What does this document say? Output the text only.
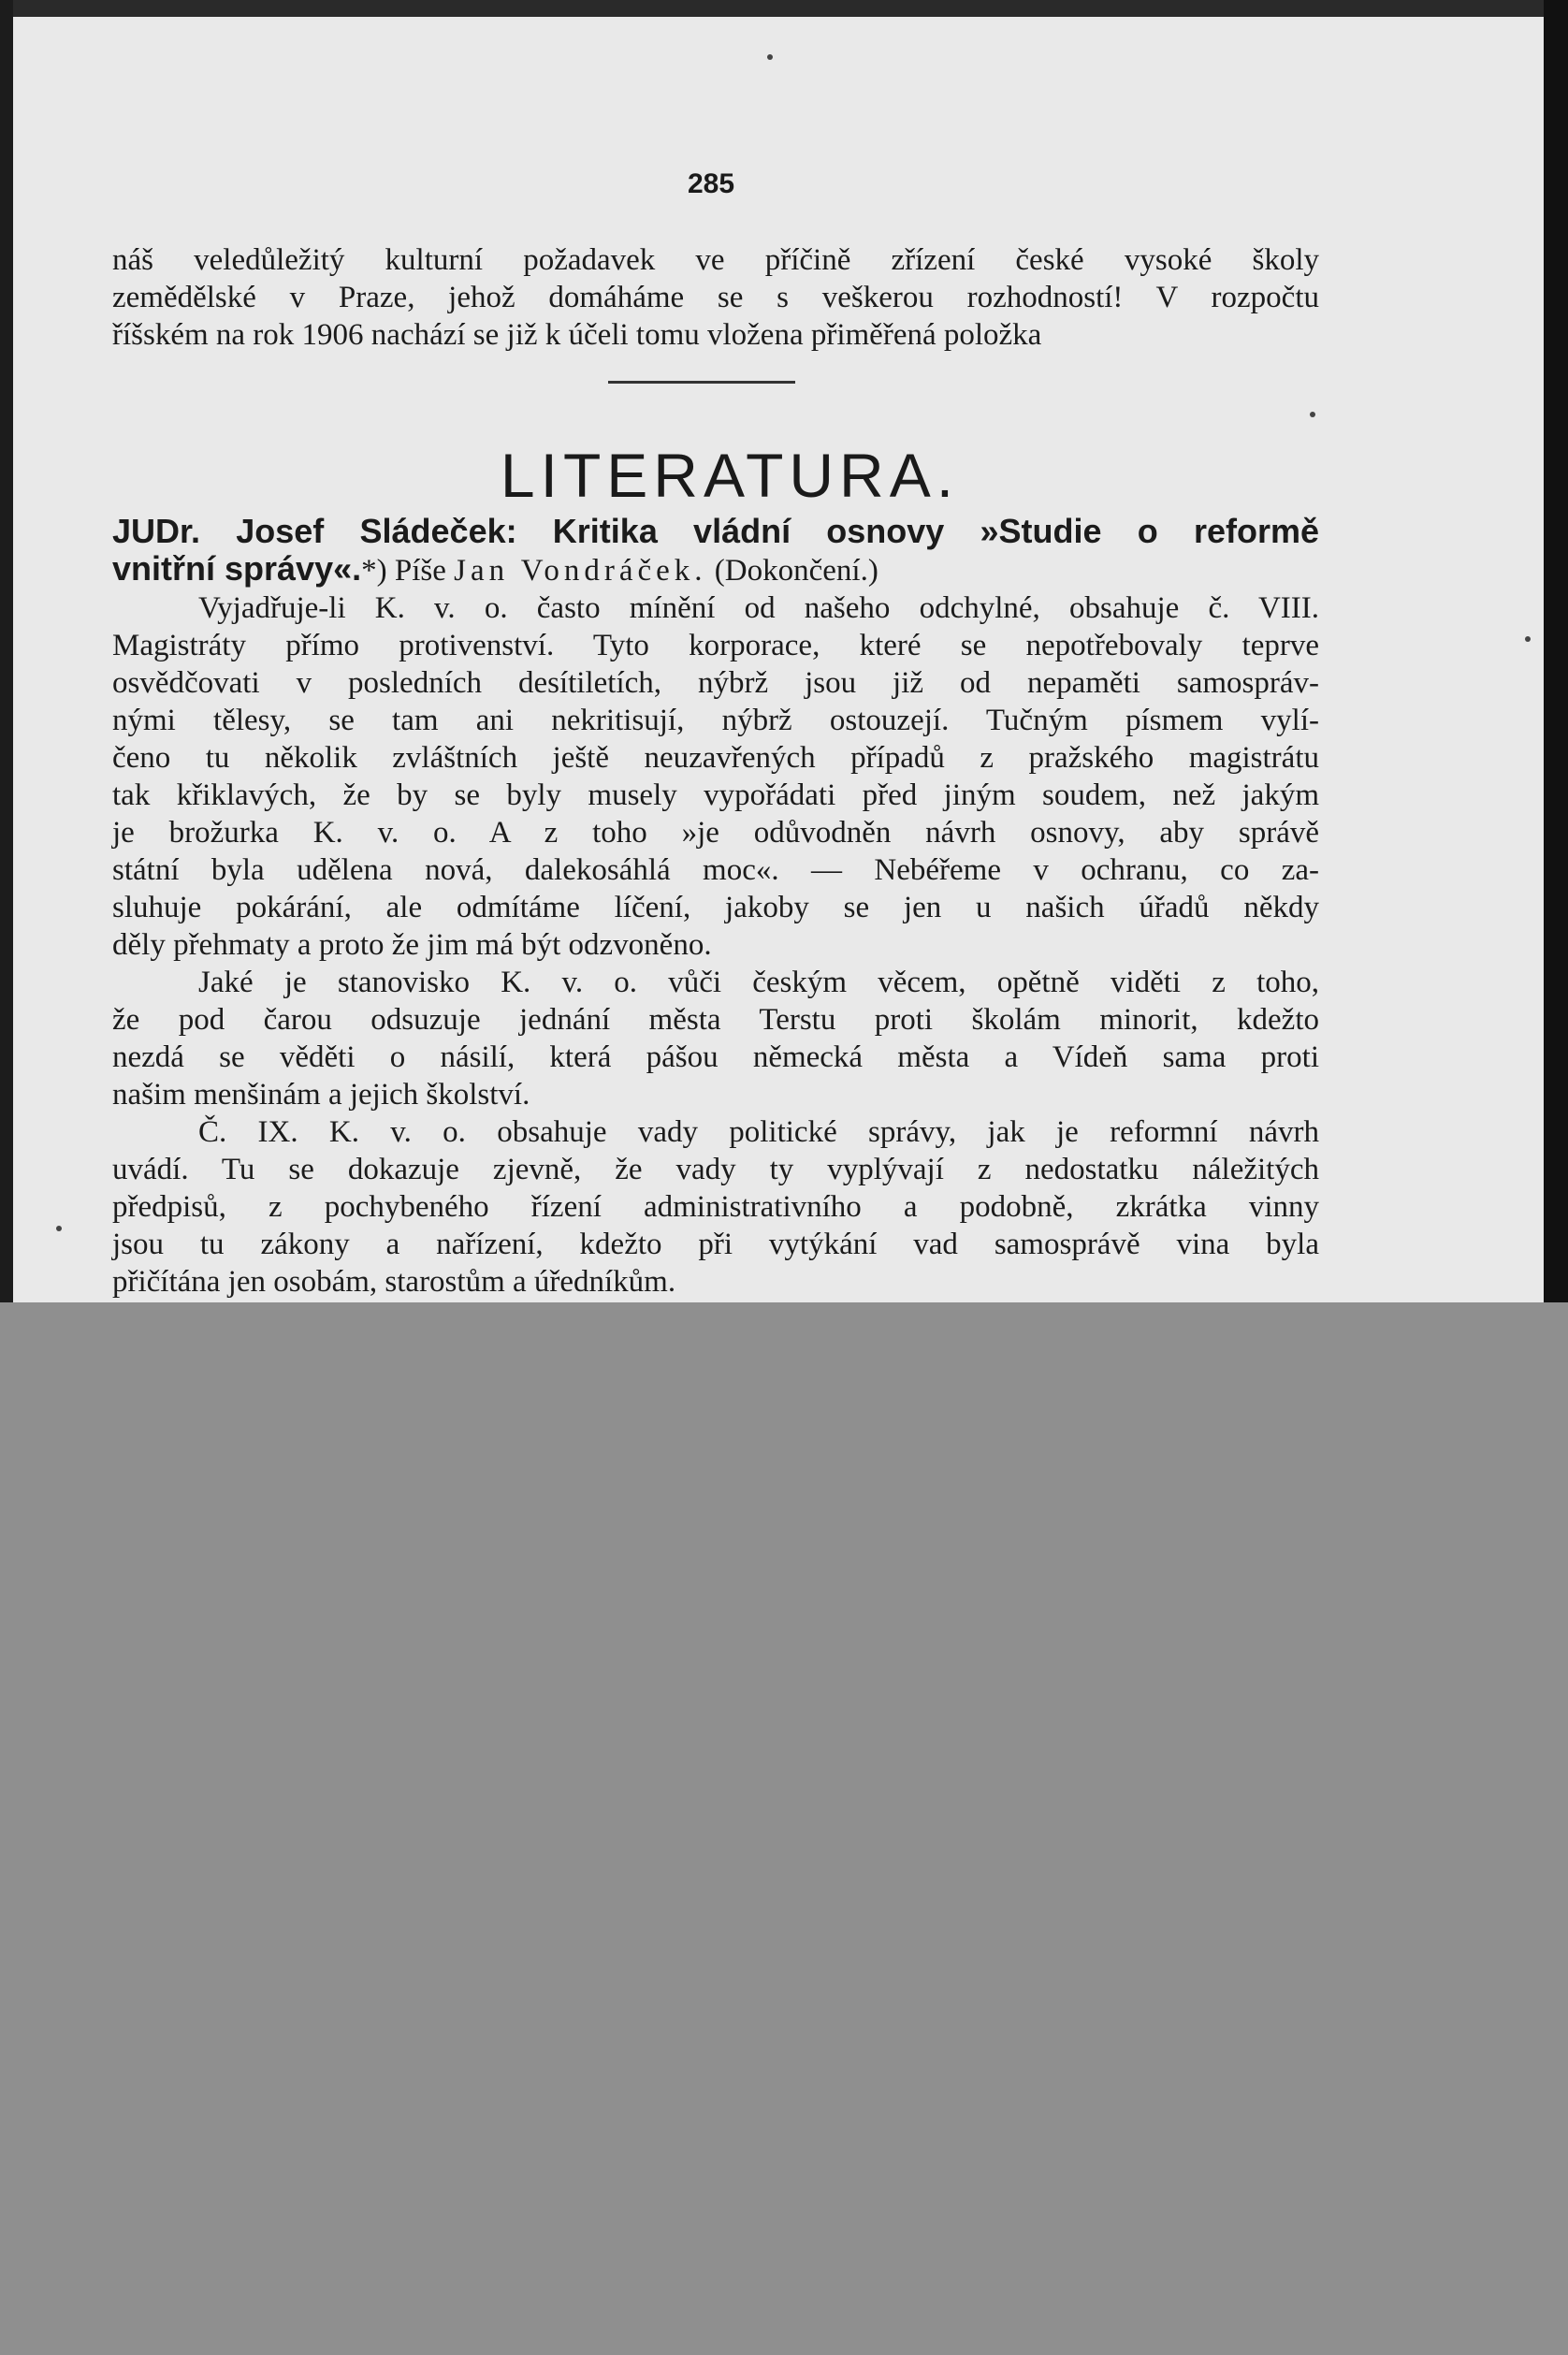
285
náš veledůležitý kulturní požadavek ve příčině zřízení české vysoké školy
zemědělské v Praze, jehož domáháme se s veškerou rozhodností! V rozpočtu
říšském na rok 1906 nachází se již k účeli tomu vložena přiměřená položka
LITERATURA.
JUDr. Josef Sládeček: Kritika vládní osnovy »Studie o reformě
vnitřní správy«.*) Píše Jan Vondráček. (Dokončení.)
Vyjadřuje-li K. v. o. často mínění od našeho odchylné, obsahuje č. VIII.
Magistráty přímo protivenství. Tyto korporace, které se nepotřebovaly teprve
osvědčovati v posledních desítiletích, nýbrž jsou již od nepaměti samospráv-
nými tělesy, se tam ani nekritisují, nýbrž ostouzejí. Tučným písmem vylí-
čeno tu několik zvláštních ještě neuzavřených případů z pražského magistrátu
tak křiklavých, že by se byly musely vypořádati před jiným soudem, než jakým
je brožurka K. v. o. A z toho »je odůvodněn návrh osnovy, aby správě
státní byla udělena nová, dalekosáhlá moc«. — Nebéřeme v ochranu, co za-
sluhuje pokárání, ale odmítáme líčení, jakoby se jen u našich úřadů někdy
děly přehmaty a proto že jim má být odzvoněno.
Jaké je stanovisko K. v. o. vůči českým věcem, opětně viděti z toho,
že pod čarou odsuzuje jednání města Terstu proti školám minorit, kdežto
nezdá se věděti o násilí, která pášou německá města a Vídeň sama proti
našim menšinám a jejich školství.
Č. IX. K. v. o. obsahuje vady politické správy, jak je reformní návrh
uvádí. Tu se dokazuje zjevně, že vady ty vyplývají z nedostatku náležitých
předpisů, z pochybeného řízení administrativního a podobně, zkrátka vinny
jsou tu zákony a nařízení, kdežto při vytýkání vad samosprávě vina byla
přičítána jen osobám, starostům a úředníkům.
